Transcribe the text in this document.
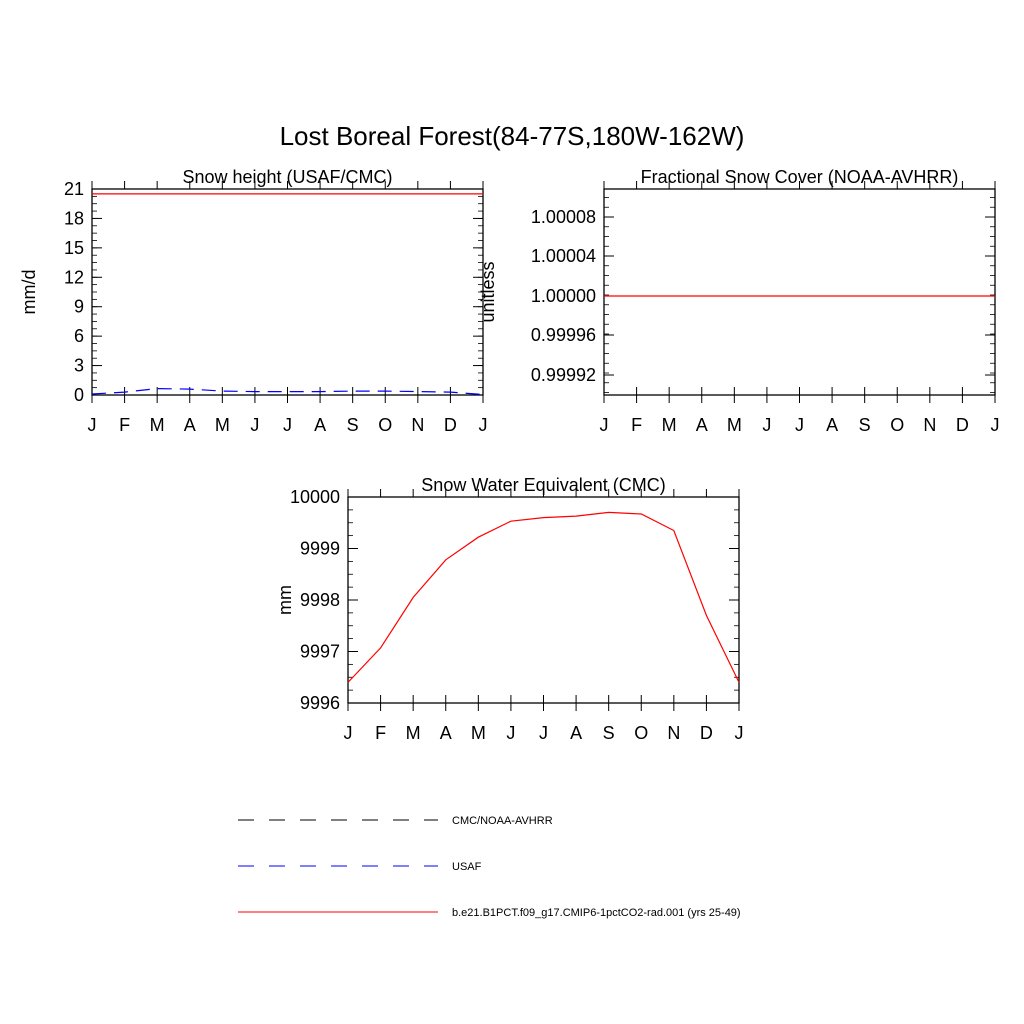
Lost Boreal Forest(84-77S,180W-162W)
Snow height (USAF/CMC)
mm/d
J F M A M J J A S O N D J
0
3
6
9
12
15
18
21
Fractional Snow Cover (NOAA-AVHRR)
unitless
J F M A M J J A S O N D J
0.99992
0.99996
1.00000
1.00004
1.00008
Snow Water Equivalent (CMC)
mm
J F M A M J J A S O N D J
9996
9997
9998
9999
10000
CMC/NOAA-AVHRR
USAF
b.e21.B1PCT.f09_g17.CMIP6-1pctCO2-rad.001 (yrs 25-49)
